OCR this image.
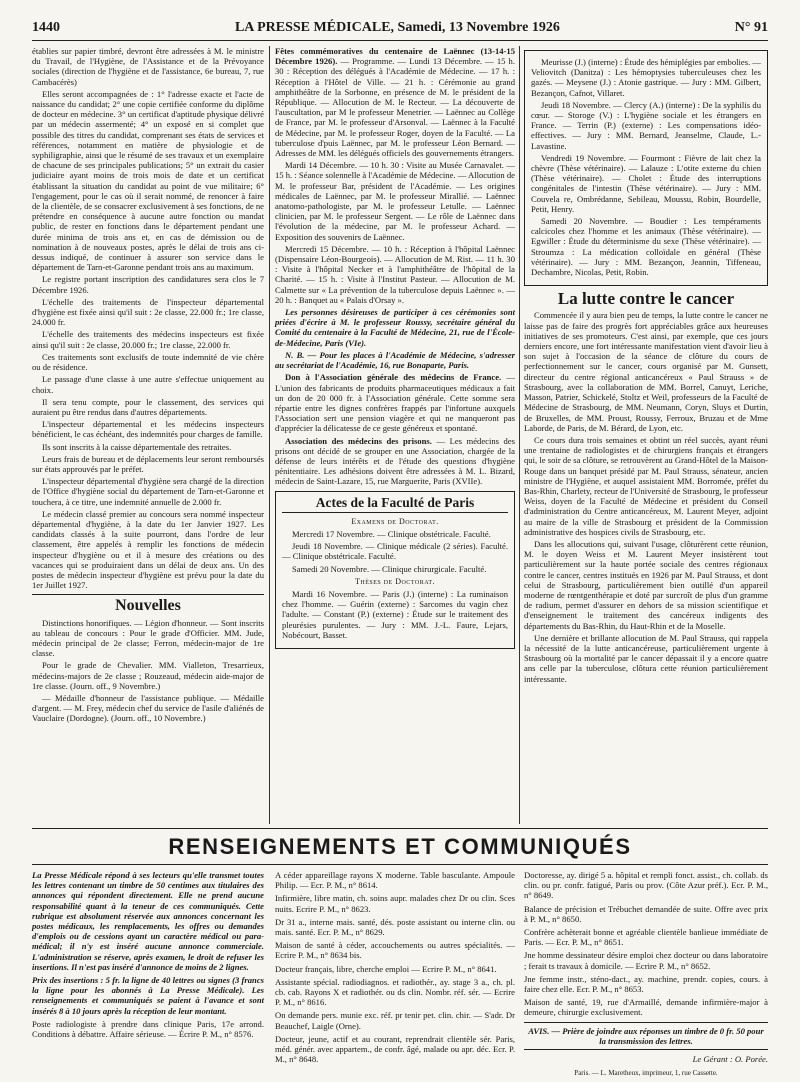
1440	LA PRESSE MÉDICALE, Samedi, 13 Novembre 1926	N° 91

établies sur papier timbré, devront être adressées à M. le ministre du Travail, de l'Hygiène, de l'Assistance et de la Prévoyance sociales (direction de l'hygiène et de l'assistance, 6e bureau, 7, rue Cambacérès)

Elles seront accompagnées de : 1° l'adresse exacte et l'acte de naissance du candidat; 2° une copie certifiée conforme du diplôme de docteur en médecine. 3° un certificat d'aptitude physique délivré par un médecin assermenté; 4° un exposé en si complet que possible des titres du candidat, comprenant ses états de services et références, notamment en matière de physiologie et de syphiligraphie, ainsi que le résumé de ses travaux et un exemplaire de chacune de ses principales publications; 5° un extrait du casier judiciaire ayant moins de trois mois de date et un certificat établissant la situation du candidat au point de vue militaire; 6° l'engagement, pour le cas où il serait nommé, de renoncer à faire de la clientèle, de se consacrer exclusivement à ses fonctions, de ne prétendre en conséquence à aucune autre fonction ou mandat public, de rester en fonctions dans le département pendant une durée minima de trois ans et, en cas de démission ou de nomination à de nouveaux postes, après le délai de trois ans ci-dessus indiqué, de continuer à assurer son service dans le département de Tarn-et-Garonne pendant trois ans au maximum.

Le registre portant inscription des candidatures sera clos le 7 Décembre 1926.

L'échelle des traitements de l'inspecteur départemental d'hygiène est fixée ainsi qu'il suit : 2e classe, 22.000 fr.; 1re classe, 24.000 fr.

L'échelle des traitements des médecins inspecteurs est fixée ainsi qu'il suit : 2e classe, 20.000 fr.; 1re classe, 22.000 fr.

Ces traitements sont exclusifs de toute indemnité de vie chère ou de résidence.

Le passage d'une classe à une autre s'effectue uniquement au choix.

Il sera tenu compte, pour le classement, des services qui auraient pu être rendus dans d'autres départements.

L'inspecteur départemental et les médecins inspecteurs bénéficient, le cas échéant, des indemnités pour charges de famille.

Ils sont inscrits à la caisse départementale des retraites.

Leurs frais de bureau et de déplacements leur seront remboursés sur états approuvés par le préfet.

L'inspecteur départemental d'hygiène sera chargé de la direction de l'Office d'hygiène social du département de Tarn-et-Garonne et touchera, à ce titre, une indemnité annuelle de 2.000 fr.

Le médecin classé premier au concours sera nommé inspecteur départemental d'hygiène, à la date du 1er Janvier 1927. Les candidats classés à la suite pourront, dans l'ordre de leur classement, être appelés à remplir les fonctions de médecin inspecteur d'hygiène ou et il à mesure des créations ou des vacances qui se produiraient dans un délai de deux ans. Un des postes de médecin inspecteur d'hygiène est prévu pour la date du 1er Juillet 1927.

Nouvelles

Distinctions honorifiques. — Légion d'honneur. — Sont inscrits au tableau de concours : Pour le grade d'Officier. MM. Jude, médecin principal de 2e classe; Ferron, médecin-major de 1re classe.

Pour le grade de Chevalier. MM. Vialleton, Tresarrieux, médecins-majors de 2e classe ; Rouzeaud, médecin aide-major de 1re classe. (Journ. off., 9 Novembre.)

— Médaille d'honneur de l'assistance publique. — Médaille d'argent. — M. Frey, médecin chef du service de l'asile d'aliénés de Vauclaire (Dordogne). (Journ. off., 10 Novembre.)

Fêtes commémoratives du centenaire de Laënnec (13-14-15 Décembre 1926). — Programme. — Lundi 13 Décembre. — 15 h. 30 : Réception des délégués à l'Académie de Médecine. — 17 h. : Réception à l'Hôtel de Ville. — 21 h. : Cérémonie au grand amphithéâtre de la Sorbonne, en présence de M. le président de la République. — Allocution de M. le Recteur. — La découverte de l'auscultation, par M le professeur Menetrier. — Laënnec au Collège de France, par M. le professeur d'Arsonval. — Laënnec à la Faculté de Médecine, par M. le professeur Roger, doyen de la Faculté. — La tuberculose d'puis Laënnec, par M. le professeur Léon Bernard. — Adresses de MM. les délégués officiels des gouvernements étrangers.

Mardi 14 Décembre. — 10 h. 30 : Visite au Musée Carnavalet. — 15 h. : Séance solennelle à l'Académie de Médecine. — Allocution de M. le professeur Bar, président de l'Académie. — Les origines médicales de Laënnec, par M. le professeur Mirallié. — Laënnec anatomo-pathologiste, par M. le professeur Letulle. — Laënnec clinicien, par M. le professeur Sergent. — Le rôle de Laënnec dans l'évolution de la médecine, par M. le professeur Achard. — Exposition des souvenirs de Laënnec.

Mercredi 15 Décembre. — 10 h. : Réception à l'hôpital Laënnec (Dispensaire Léon-Bourgeois). — Allocution de M. Rist. — 11 h. 30 : Visite à l'hôpital Necker et à l'amphithéâtre de l'hôpital de la Charité. — 15 h. : Visite à l'Institut Pasteur. — Allocution de M. Calmette sur « La prévention de la tuberculose depuis Laënnec ». — 20 h. : Banquet au « Palais d'Orsay ».

Les personnes désireuses de participer à ces cérémonies sont priées d'écrire à M. le professeur Roussy, secrétaire général du Comité du centenaire à la Faculté de Médecine, 21, rue de l'École-de-Médecine, Paris (VIe).

N. B. — Pour les places à l'Académie de Médecine, s'adresser au secrétariat de l'Académie, 16, rue Bonaparte, Paris.

Don à l'Association générale des médecins de France. — L'union des fabricants de produits pharmaceutiques médicaux a fait un don de 20 000 fr. à l'Association générale. Cette somme sera répartie entre les dignes confrères frappés par l'infortune auxquels l'Association sert une pension viagère et qui ne manqueront pas d'apprécier la délicatesse de ce geste généreux et spontané.

Association des médecins des prisons. — Les médecins des prisons ont décidé de se grouper en une Association, chargée de la défense de leurs intérêts et de l'étude des questions d'hygiène pénitentiaire. Les adhésions doivent être adressées à M. L. Bizard, médecin de Saint-Lazare, 15, rue Marguerite, Paris (XVIIe).

Actes de la Faculté de Paris
Examens de Doctorat.

Mercredi 17 Novembre. — Clinique obstétricale. Faculté.

Jeudi 18 Novembre. — Clinique médicale (2 séries). Faculté. — Clinique obstétricale. Faculté.

Samedi 20 Novembre. — Clinique chirurgicale. Faculté.

Thèses de Doctorat.

Mardi 16 Novembre. — Paris (J.) (interne) : La ruminaison chez l'homme. — Guérin (externe) : Sarcomes du vagin chez l'adulte. — Constant (P.) (externe) : Étude sur le traitement des pleurésies purulentes. — Jury : MM. J.-L. Faure, Lejars, Nobécourt, Basset.

Meurisse (J.) (interne) : Étude des hémiplégies par embolies. — Veliovitch (Danitza) : Les hémoptysies tuberculeuses chez les gazés. — Meysene (J.) : Atonie gastrique. — Jury : MM. Gilbert, Bezançon, Cafnot, Villaret.

Jeudi 18 Novembre. — Clercy (A.) (interne) : De la syphilis du cœur. — Storoge (V.) : L'hygiène sociale et les étrangers en France. — Terrin (P.) (externe) : Les compensations idéo-effectives. — Jury : MM. Bernard, Jeanselme, Claude, L.-Lavastine.

Vendredi 19 Novembre. — Fourmont : Fièvre de lait chez la chèvre (Thèse vétérinaire). — Lalauze : L'otite externe du chien (Thèse vétérinaire). — Cholet : Étude des interruptions congénitales de l'intestin (Thèse vétérinaire). — Jury : MM. Couvela re, Ombrédanne, Sebileau, Moussu, Robin, Bourdelle, Petit, Henry.

Samedi 20 Novembre. — Boudier : Les tempéraments calcicoles chez l'homme et les animaux (Thèse vétérinaire). — Egwiller : Étude du déterminisme du sexe (Thèse vétérinaire). — Stroumza : La médication colloïdale en général (Thèse vétérinaire). — Jury : MM. Bezançon, Jeannin, Tiffeneau, Dechambre, Nicolas, Petit, Robin.

La lutte contre le cancer

Commencée il y aura bien peu de temps, la lutte contre le cancer ne laisse pas de faire des progrès fort appréciables grâce aux heureuses initiatives de ses promoteurs. C'est ainsi, par exemple, que ces jours derniers encore, une fort intéressante manifestation vient d'avoir lieu à son sujet à l'occasion de la séance de clôture du cours de perfectionnement sur le cancer, cours organisé par M. Gunsett, directeur du centre régional anticancéreux « Paul Strauss » de Strasbourg, avec la collaboration de MM. Borrel, Canuyt, Leriche, Masson, Patrier, Schickelé, Stoltz et Weil, professeurs de la Faculté de Médecine de Strasbourg, de MM. Neumann, Coryn, Sluys et Durtin, de Bruxelles, de MM. Proust, Roussy, Ferroux, Bruzau et de Mme Laborde, de Paris, de M. Bérard, de Lyon, etc.

Ce cours dura trois semaines et obtint un réel succès, ayant réuni une trentaine de radiologistes et de chirurgiens français et étrangers qui, le soir de sa clôture, se retrouvèrent au Grand-Hôtel de la Maison-Rouge dans un banquet présidé par M. Paul Strauss, sénateur, ancien ministre de l'Hygiène, et auquel assistaient MM. Borromée, préfet du Bas-Rhin, Charlety, recteur de l'Université de Strasbourg, le professeur Weiss, doyen de la Faculté de Médecine et président du Conseil d'administration du Centre anticancéreux, M. Laurent Meyer, adjoint au maire de la ville de Strasbourg et président de la Commission administrative des hospices civils de Strasbourg, etc.

Dans les allocutions qui, suivant l'usage, clôturèrent cette réunion, M. le doyen Weiss et M. Laurent Meyer insistèrent tout particulièrement sur la haute portée sociale des centres régionaux contre le cancer, centres institués en 1926 par M. Paul Strauss, et dont celui de Strasbourg, particulièrement bien outillé d'un appareil moderne de rœntgenthérapie et doté par surcroît de plus d'un gramme de radium, permet d'assurer en dehors de sa mission scientifique et d'enseignement le traitement des cancéreux indigents des départements du Bas-Rhin, du Haut-Rhin et de la Moselle.

Une dernière et brillante allocution de M. Paul Strauss, qui rappela la nécessité de la lutte anticancéreuse, particulièrement urgente à Strasbourg où la mortalité par le cancer dépassait il y a encore quatre ans celle par la tuberculose, clôtura cette réunion particulièrement intéressante.

RENSEIGNEMENTS ET COMMUNIQUÉS

La Presse Médicale répond à ses lecteurs qu'elle transmet toutes les lettres contenant un timbre de 50 centimes aux titulaires des annonces qui répondent directement. Elle ne prend aucune responsabilité quant à la teneur de ces communiqués. Cette rubrique est absolument réservée aux annonces concernant les postes médicaux, les remplacements, les offres ou demandes d'emplois ou de cessions ayant un caractère médical ou para-médical; il n'y est inséré aucune annonce commerciale. L'administration se réserve, après examen, le droit de refuser les insertions. Il n'est pas inséré d'annonce de moins de 2 lignes.

Prix des insertions : 5 fr. la ligne de 40 lettres ou signes (3 francs la ligne pour les abonnés à La Presse Médicale). Les renseignements et communiqués se paient à l'avance et sont insérés 8 à 10 jours après la réception de leur montant.

Poste radiologiste à prendre dans clinique Paris, 17e arrond. Conditions à débattre. Affaire sérieuse. — Écrire P. M., n° 8576.

A céder appareillage rayons X moderne. Table basculante. Ampoule Philip. — Ecr. P. M., n° 8614.

Infirmière, libre matin, ch. soins aupr. malades chez Dr ou clin. Sces nuits. Ecrire P. M., n° 8623.

Dr 31 a., interne mais. santé, dés. poste assistant ou interne clin. ou mais. santé. Ecr. P. M., n° 8629.

Maison de santé à céder, accouchements ou autres spécialités. — Ecrire P. M., n° 8634 bis.

Docteur français, libre, cherche emploi — Ecrire P. M., n° 8641.

Assistante spécial. radiodiagnos. et radiothér., ay. stage 3 a., ch. pl. cb. cab. Rayons X et radiothér. ou ds clin. Nombr. réf. sér. — Ecrire P. M., n° 8616.

On demande pers. munie exc. réf. pr tenir pet. clin. chir. — S'adr. Dr Beauchef, Laigle (Orne).

Docteur, jeune, actif et au courant, reprendrait clientèle sér. Paris, méd. génér. avec appartem., de confr. âgé, malade ou apr. déc. Ecr. P. M., n° 8648.

Doctoresse, ay. dirigé 5 a. hôpital et rempli fonct. assist., ch. collab. ds clin. ou pr. confr. fatigué, Paris ou prov. (Côte Azur préf.). Ecr. P. M., n° 8649.

Balance de précision et Trébuchet demandée de suite. Offre avec prix à P. M., n° 8650.

Confrère achèterait bonne et agréable clientèle banlieue immédiate de Paris. — Ecr. P. M., n° 8651.

Jne homme dessinateur désire emploi chez docteur ou dans laboratoire ; ferait ts travaux à domicile. — Ecrire P. M., n° 8652.

Jne femme instr., sténo-dact., ay. machine, prendr. copies, cours. à faire chez elle. Ecr. P. M., n° 8653.

Maison de santé, 19, rue d'Armaillé, demande infirmière-major à demeure, chirurgie exclusivement.

AVIS. — Prière de joindre aux réponses un timbre de 0 fr. 50 pour la transmission des lettres.
Le Gérant : O. Porée.
Paris. — L. Maretheux, imprimeur, 1, rue Cassette.
